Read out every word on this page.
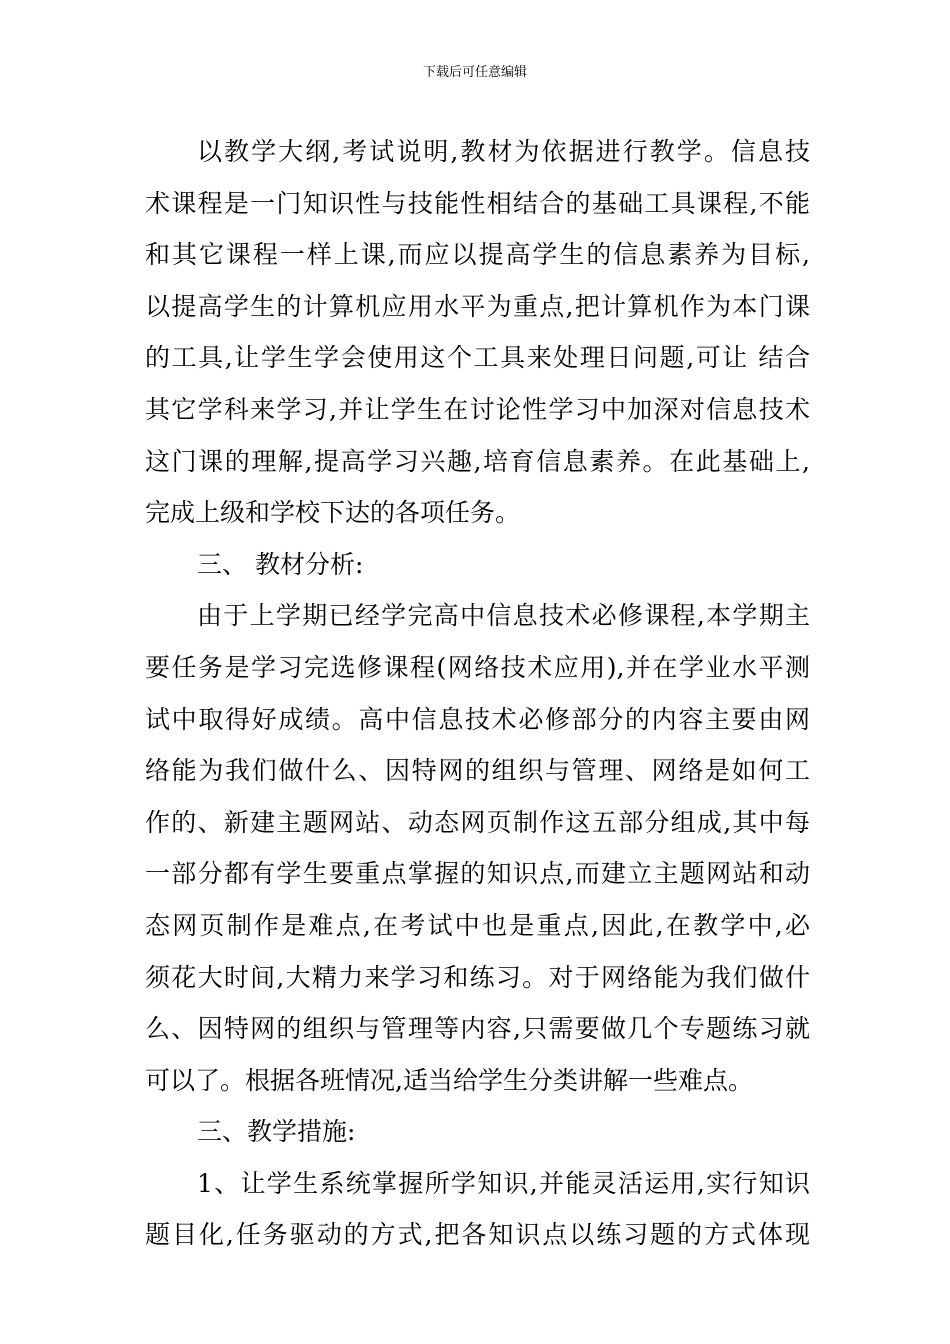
下载后可任意编辑
以教学大纲,考试说明,教材为依据进行教学。信息技
术课程是一门知识性与技能性相结合的基础工具课程,不能
和其它课程一样上课,而应以提高学生的信息素养为目标,
以提高学生的计算机应用水平为重点,把计算机作为本门课
的工具,让学生学会使用这个工具来处理日问题,可让 结合
其它学科来学习,并让学生在讨论性学习中加深对信息技术
这门课的理解,提高学习兴趣,培育信息素养。在此基础上,
完成上级和学校下达的各项任务。
三、 教材分析:
由于上学期已经学完高中信息技术必修课程,本学期主
要任务是学习完选修课程(网络技术应用),并在学业水平测
试中取得好成绩。高中信息技术必修部分的内容主要由网
络能为我们做什么、因特网的组织与管理、网络是如何工
作的、新建主题网站、动态网页制作这五部分组成,其中每
一部分都有学生要重点掌握的知识点,而建立主题网站和动
态网页制作是难点,在考试中也是重点,因此,在教学中,必
须花大时间,大精力来学习和练习。对于网络能为我们做什
么、因特网的组织与管理等内容,只需要做几个专题练习就
可以了。根据各班情况,适当给学生分类讲解一些难点。
三、教学措施:
1、让学生系统掌握所学知识,并能灵活运用,实行知识
题目化,任务驱动的方式,把各知识点以练习题的方式体现
